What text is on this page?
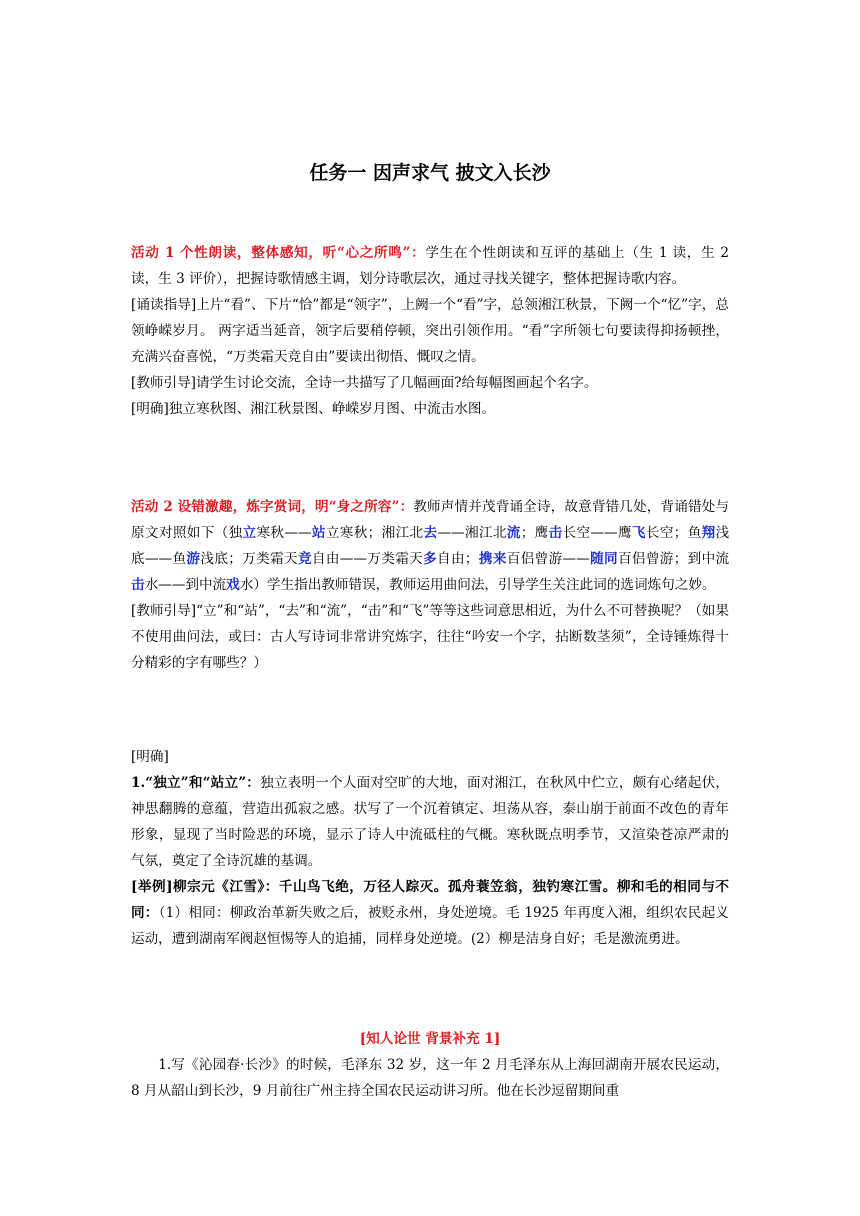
任务一 因声求气 披文入长沙

活动 1 个性朗读，整体感知，听“心之所鸣”：学生在个性朗读和互评的基础上（生 1 读，生 2 读，生 3 评价），把握诗歌情感主调，划分诗歌层次，通过寻找关键字，整体把握诗歌内容。

[诵读指导]上片“看”、下片“恰”都是“领字”，上阙一个“看”字，总领湘江秋景，下阙一个“忆”字，总领峥嵘岁月。 两字适当延音，领字后要稍停顿，突出引领作用。“看”字所领七句要读得抑扬顿挫，充满兴奋喜悦，“万类霜天竞自由”要读出彻悟、慨叹之情。

[教师引导]请学生讨论交流，全诗一共描写了几幅画面?给每幅图画起个名字。

[明确]独立寒秋图、湘江秋景图、峥嵘岁月图、中流击水图。

活动 2 设错激趣，炼字赏词，明“身之所容”：教师声情并茂背诵全诗，故意背错几处，背诵错处与原文对照如下（独立寒秋——站立寒秋；湘江北去——湘江北流；鹰击长空——鹰飞长空；鱼翔浅底——鱼游浅底；万类霜天竞自由——万类霜天多自由；携来百侣曾游——随同百侣曾游；到中流击水——到中流戏水）学生指出教师错误，教师运用曲问法，引导学生关注此词的选词炼句之妙。

[教师引导]“立”和“站”，“去”和“流”，“击”和“飞”等等这些词意思相近，为什么不可替换呢？（如果不使用曲问法，或曰：古人写诗词非常讲究炼字，往往“吟安一个字，拈断数茎须”，全诗锤炼得十分精彩的字有哪些？）

[明确]

1.“独立”和“站立”：独立表明一个人面对空旷的大地，面对湘江，在秋风中伫立，颇有心绪起伏，神思翻腾的意蕴，营造出孤寂之感。状写了一个沉着镇定、坦荡从容，泰山崩于前面不改色的青年形象，显现了当时险恶的环境，显示了诗人中流砥柱的气概。寒秋既点明季节，又渲染苍凉严肃的气氛，奠定了全诗沉雄的基调。

[举例]柳宗元《江雪》：千山鸟飞绝，万径人踪灭。孤舟蓑笠翁，独钓寒江雪。柳和毛的相同与不同：（1）相同：柳政治革新失败之后，被贬永州，身处逆境。毛 1925 年再度入湘，组织农民起义运动，遭到湖南军阀赵恒惕等人的追捕，同样身处逆境。(2）柳是洁身自好；毛是激流勇进。

[知人论世 背景补充 1]

1.写《沁园春·长沙》的时候，毛泽东 32 岁，这一年 2 月毛泽东从上海回湖南开展农民运动，8 月从韶山到长沙，9 月前往广州主持全国农民运动讲习所。他在长沙逗留期间重
